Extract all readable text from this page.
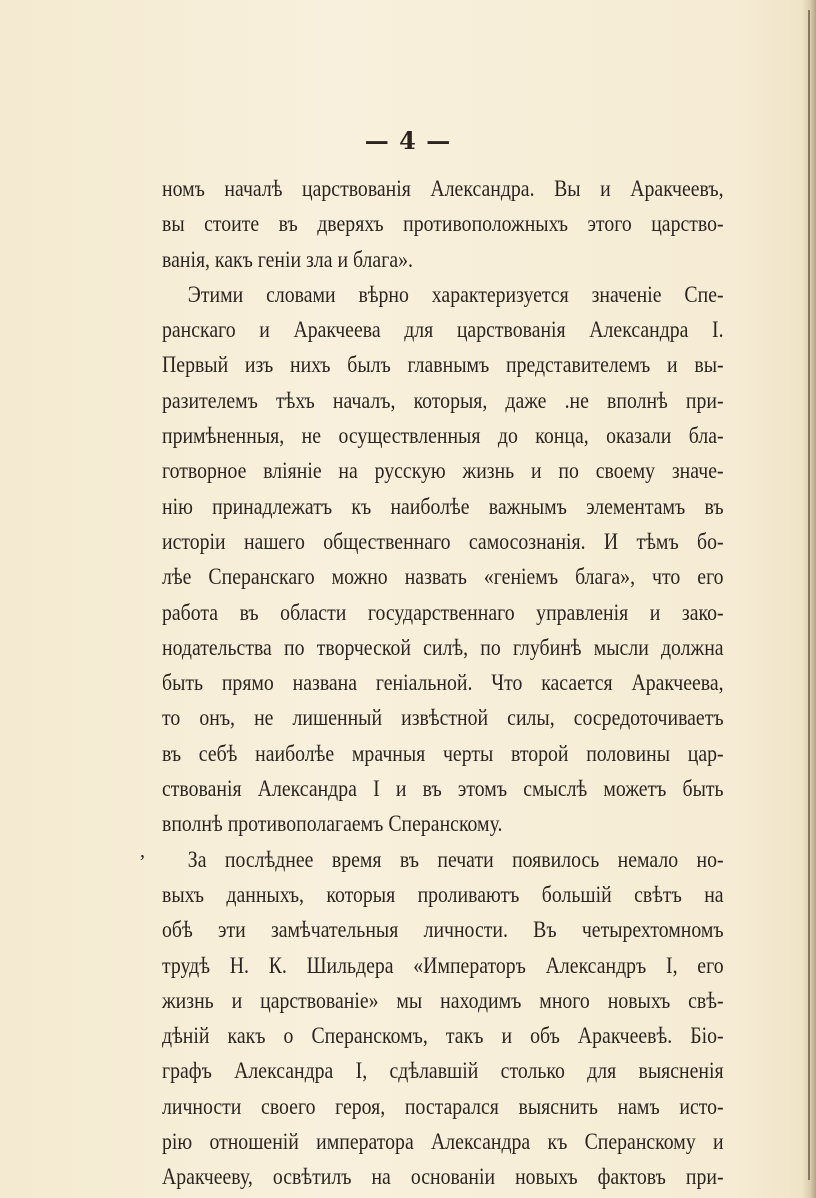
— 4 —
,
номъ началѣ царствованія Александра. Вы и Аракчеевъ,
вы стоите въ дверяхъ противоположныхъ этого царство-
ванія, какъ геніи зла и блага».
Этими словами вѣрно характеризуется значеніе Спе-
ранскаго и Аракчеева для царствованія Александра I.
Первый изъ нихъ былъ главнымъ представителемъ и вы-
разителемъ тѣхъ началъ, которыя, даже .не вполнѣ при-
примѣненныя, не осуществленныя до конца, оказали бла-
готворное вліяніе на русскую жизнь и по своему значе-
нію принадлежатъ къ наиболѣе важнымъ элементамъ въ
исторіи нашего общественнаго самосознанія. И тѣмъ бо-
лѣе Сперанскаго можно назвать «геніемъ блага», что его
работа въ области государственнаго управленія и зако-
нодательства по творческой силѣ, по глубинѣ мысли должна
быть прямо названа геніальной. Что касается Аракчеева,
то онъ, не лишенный извѣстной силы, сосредоточиваетъ
въ себѣ наиболѣе мрачныя черты второй половины цар-
ствованія Александра I и въ этомъ смыслѣ можетъ быть
вполнѣ противополагаемъ Сперанскому.
За послѣднее время въ печати появилось немало но-
выхъ данныхъ, которыя проливаютъ большій свѣтъ на
обѣ эти замѣчательныя личности. Въ четырехтомномъ
трудѣ Н. К. Шильдера «Императоръ Александръ I, его
жизнь и царствованіе» мы находимъ много новыхъ свѣ-
дѣній какъ о Сперанскомъ, такъ и объ Аракчеевѣ. Біо-
графъ Александра I, сдѣлавшій столько для выясненія
личности своего героя, постарался выяснить намъ исто-
рію отношеній императора Александра къ Сперанскому и
Аракчееву, освѣтилъ на основаніи новыхъ фактовъ при-
